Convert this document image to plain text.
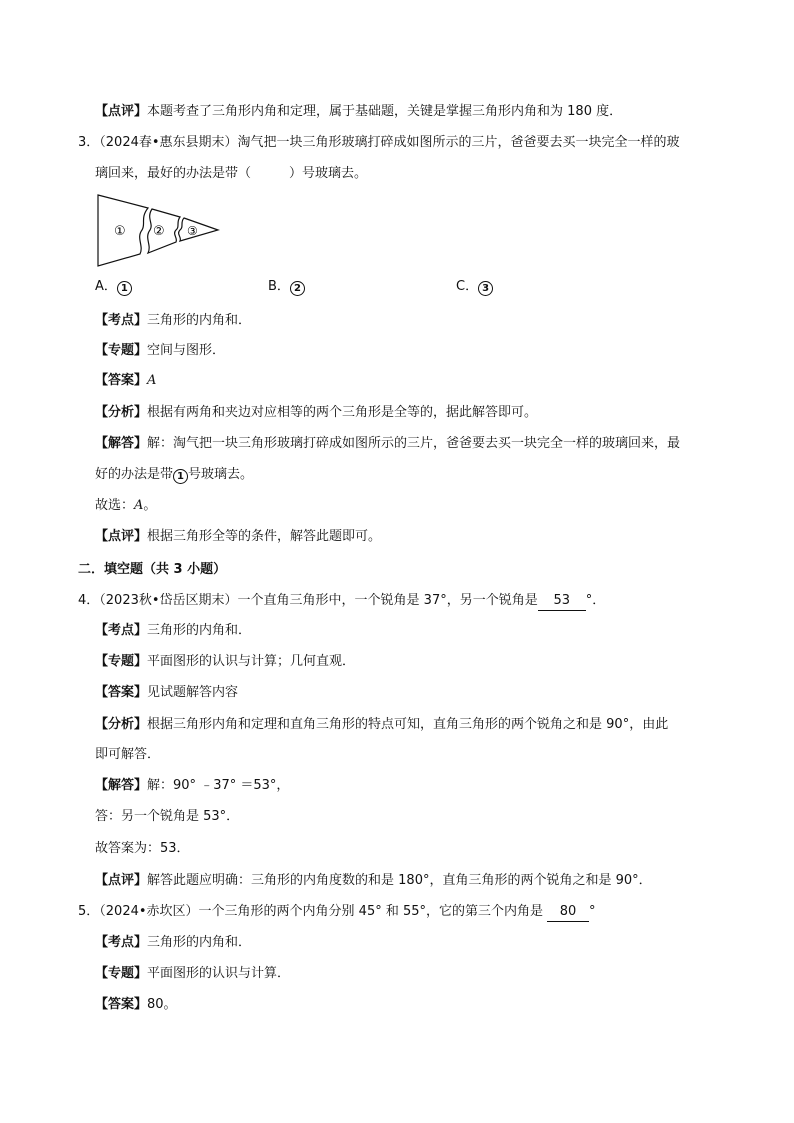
【点评】本题考查了三角形内角和定理，属于基础题，关键是掌握三角形内角和为 180 度．
3．（2024春•惠东县期末）淘气把一块三角形玻璃打碎成如图所示的三片，爸爸要去买一块完全一样的玻
璃回来，最好的办法是带（	）号玻璃去。
① ② ③
A． 1	B． 2	C． 3
【考点】三角形的内角和．
【专题】空间与图形．
【答案】A
【分析】根据有两角和夹边对应相等的两个三角形是全等的，据此解答即可。
【解答】解：淘气把一块三角形玻璃打碎成如图所示的三片，爸爸要去买一块完全一样的玻璃回来，最
好的办法是带 1 号玻璃去。
故选：A。
【点评】根据三角形全等的条件，解答此题即可。
二．填空题（共 3 小题）
4．（2023秋•岱岳区期末）一个直角三角形中，一个锐角是 37°，另一个锐角是 53 °．
【考点】三角形的内角和．
【专题】平面图形的认识与计算；几何直观．
【答案】见试题解答内容
【分析】根据三角形内角和定理和直角三角形的特点可知，直角三角形的两个锐角之和是 90°，由此
即可解答．
【解答】解：90° ﹣37° ＝53°，
答：另一个锐角是 53°．
故答案为：53．
【点评】解答此题应明确：三角形的内角度数的和是 180°，直角三角形的两个锐角之和是 90°．
5．（2024•赤坎区）一个三角形的两个内角分别 45° 和 55°，它的第三个内角是 80 °
【考点】三角形的内角和．
【专题】平面图形的认识与计算．
【答案】80。
